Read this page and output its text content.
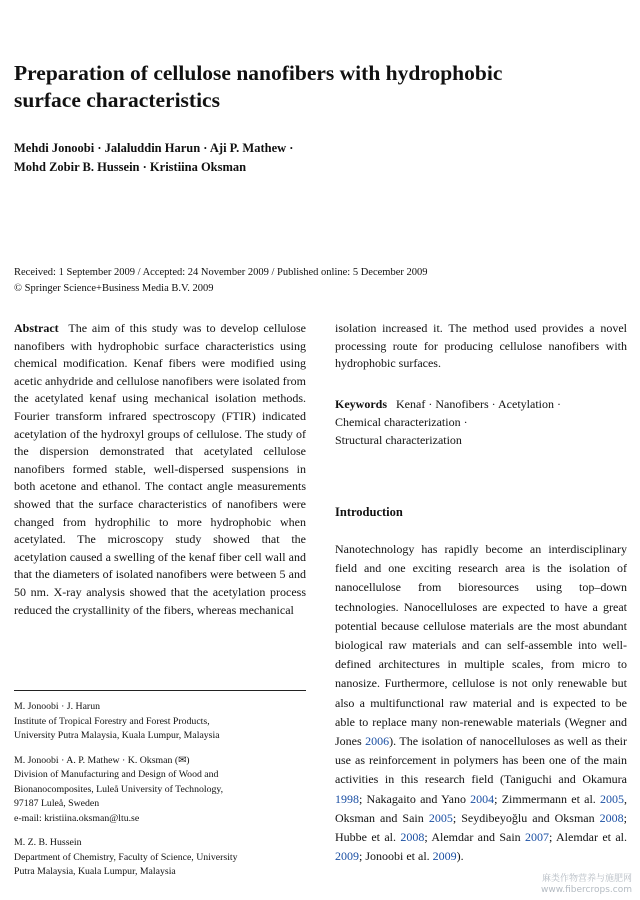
Preparation of cellulose nanofibers with hydrophobic surface characteristics
Mehdi Jonoobi · Jalaluddin Harun · Aji P. Mathew ·
Mohd Zobir B. Hussein · Kristiina Oksman
Received: 1 September 2009 / Accepted: 24 November 2009 / Published online: 5 December 2009
© Springer Science+Business Media B.V. 2009

Abstract The aim of this study was to develop cellulose nanofibers with hydrophobic surface characteristics using chemical modification. Kenaf fibers were modified using acetic anhydride and cellulose nanofibers were isolated from the acetylated kenaf using mechanical isolation methods. Fourier transform infrared spectroscopy (FTIR) indicated acetylation of the hydroxyl groups of cellulose. The study of the dispersion demonstrated that acetylated cellulose nanofibers formed stable, well-dispersed suspensions in both acetone and ethanol. The contact angle measurements showed that the surface characteristics of nanofibers were changed from hydrophilic to more hydrophobic when acetylated. The microscopy study showed that the acetylation caused a swelling of the kenaf fiber cell wall and that the diameters of isolated nanofibers were between 5 and 50 nm. X-ray analysis showed that the acetylation process reduced the crystallinity of the fibers, whereas mechanical

isolation increased it. The method used provides a novel processing route for producing cellulose nanofibers with hydrophobic surfaces.

Keywords Kenaf · Nanofibers · Acetylation ·
Chemical characterization ·
Structural characterization
Introduction

Nanotechnology has rapidly become an interdisciplinary field and one exciting research area is the isolation of nanocellulose from bioresources using top–down technologies. Nanocelluloses are expected to have a great potential because cellulose materials are the most abundant biological raw materials and can self-assemble into well-defined architectures in multiple scales, from micro to nanosize. Furthermore, cellulose is not only renewable but also a multifunctional raw material and is expected to be able to replace many non-renewable materials (Wegner and Jones 2006). The isolation of nanocelluloses as well as their use as reinforcement in polymers has been one of the main activities in this research field (Taniguchi and Okamura 1998; Nakagaito and Yano 2004; Zimmermann et al. 2005, Oksman and Sain 2005; Seydibeyoğlu and Oksman 2008; Hubbe et al. 2008; Alemdar and Sain 2007; Alemdar et al. 2009; Jonoobi et al. 2009).

M. Jonoobi · J. Harun
Institute of Tropical Forestry and Forest Products,
University Putra Malaysia, Kuala Lumpur, Malaysia
M. Jonoobi · A. P. Mathew · K. Oksman (✉)
Division of Manufacturing and Design of Wood and
Bionanocomposites, Luleå University of Technology,
97187 Luleå, Sweden
e-mail: kristiina.oksman@ltu.se
M. Z. B. Hussein
Department of Chemistry, Faculty of Science, University
Putra Malaysia, Kuala Lumpur, Malaysia
麻类作物营养与施肥网
www.fibercrops.com
